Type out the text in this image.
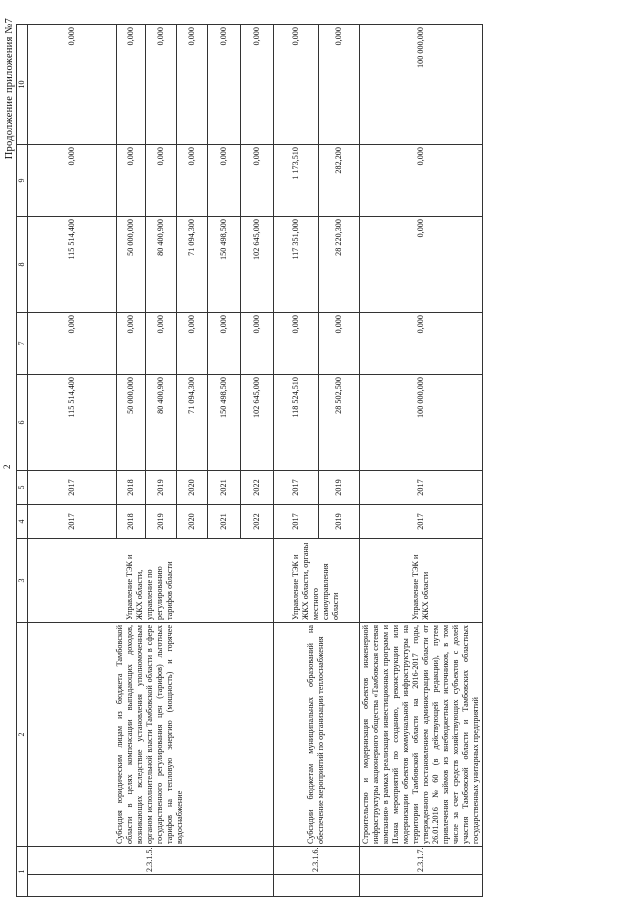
2
Продолжение приложения №7
1		2	3	4	5	6	7	8	9	10
	2.3.1.5.	Субсидия юридическим лицам из бюджета Тамбовской области в целях компенсации выпадающих доходов, возникающих вследствие установления уполномоченным органом исполнительной власти Тамбовской области в сфере государственного регулирования цен (тарифов) льготных тарифов на тепловую энергию (мощность) и горячее водоснабжение	Управление ТЭК и ЖКХ области, управление по регулированию тарифов области	2017	2017	115 514,400	0,000	115 514,400	0,000	0,000
				2018	2018	50 000,000	0,000	50 000,000	0,000	0,000
				2019	2019	80 400,900	0,000	80 400,900	0,000	0,000
				2020	2020	71 094,300	0,000	71 094,300	0,000	0,000
				2021	2021	150 498,500	0,000	150 498,500	0,000	0,000
				2022	2022	102 645,000	0,000	102 645,000	0,000	0,000
	2.3.1.6.	Субсидии бюджетам муниципальных образований на обеспечение мероприятий по организации теплоснабжения	Управление ТЭК и ЖКХ области, органы местного самоуправления области	2017	2017	118 524,510	0,000	117 351,000	1 173,510	0,000
				2019	2019	28 502,500	0,000	28 220,300	282,200	0,000
	2.3.1.7.	Строительство и модернизация объектов инженерной инфраструктуры акционерного общества «Тамбовская сетевая компания» в рамках реализации инвестиционных программ и Плана мероприятий по созданию, реконструкции или модернизации объектов коммунальной инфраструктуры на территории Тамбовской области на 2016-2017 годы, утвержденного постановлением администрации области от 26.01.2016 №60 (в действующей редакции), путем привлечения займов из внебюджетных источников, в том числе за счет средств хозяйствующих субъектов с долей участия Тамбовской области и Тамбовских областных государственных унитарных предприятий	Управление ТЭК и ЖКХ области	2017	2017	100 000,000	0,000	0,000	0,000	100 000,000
